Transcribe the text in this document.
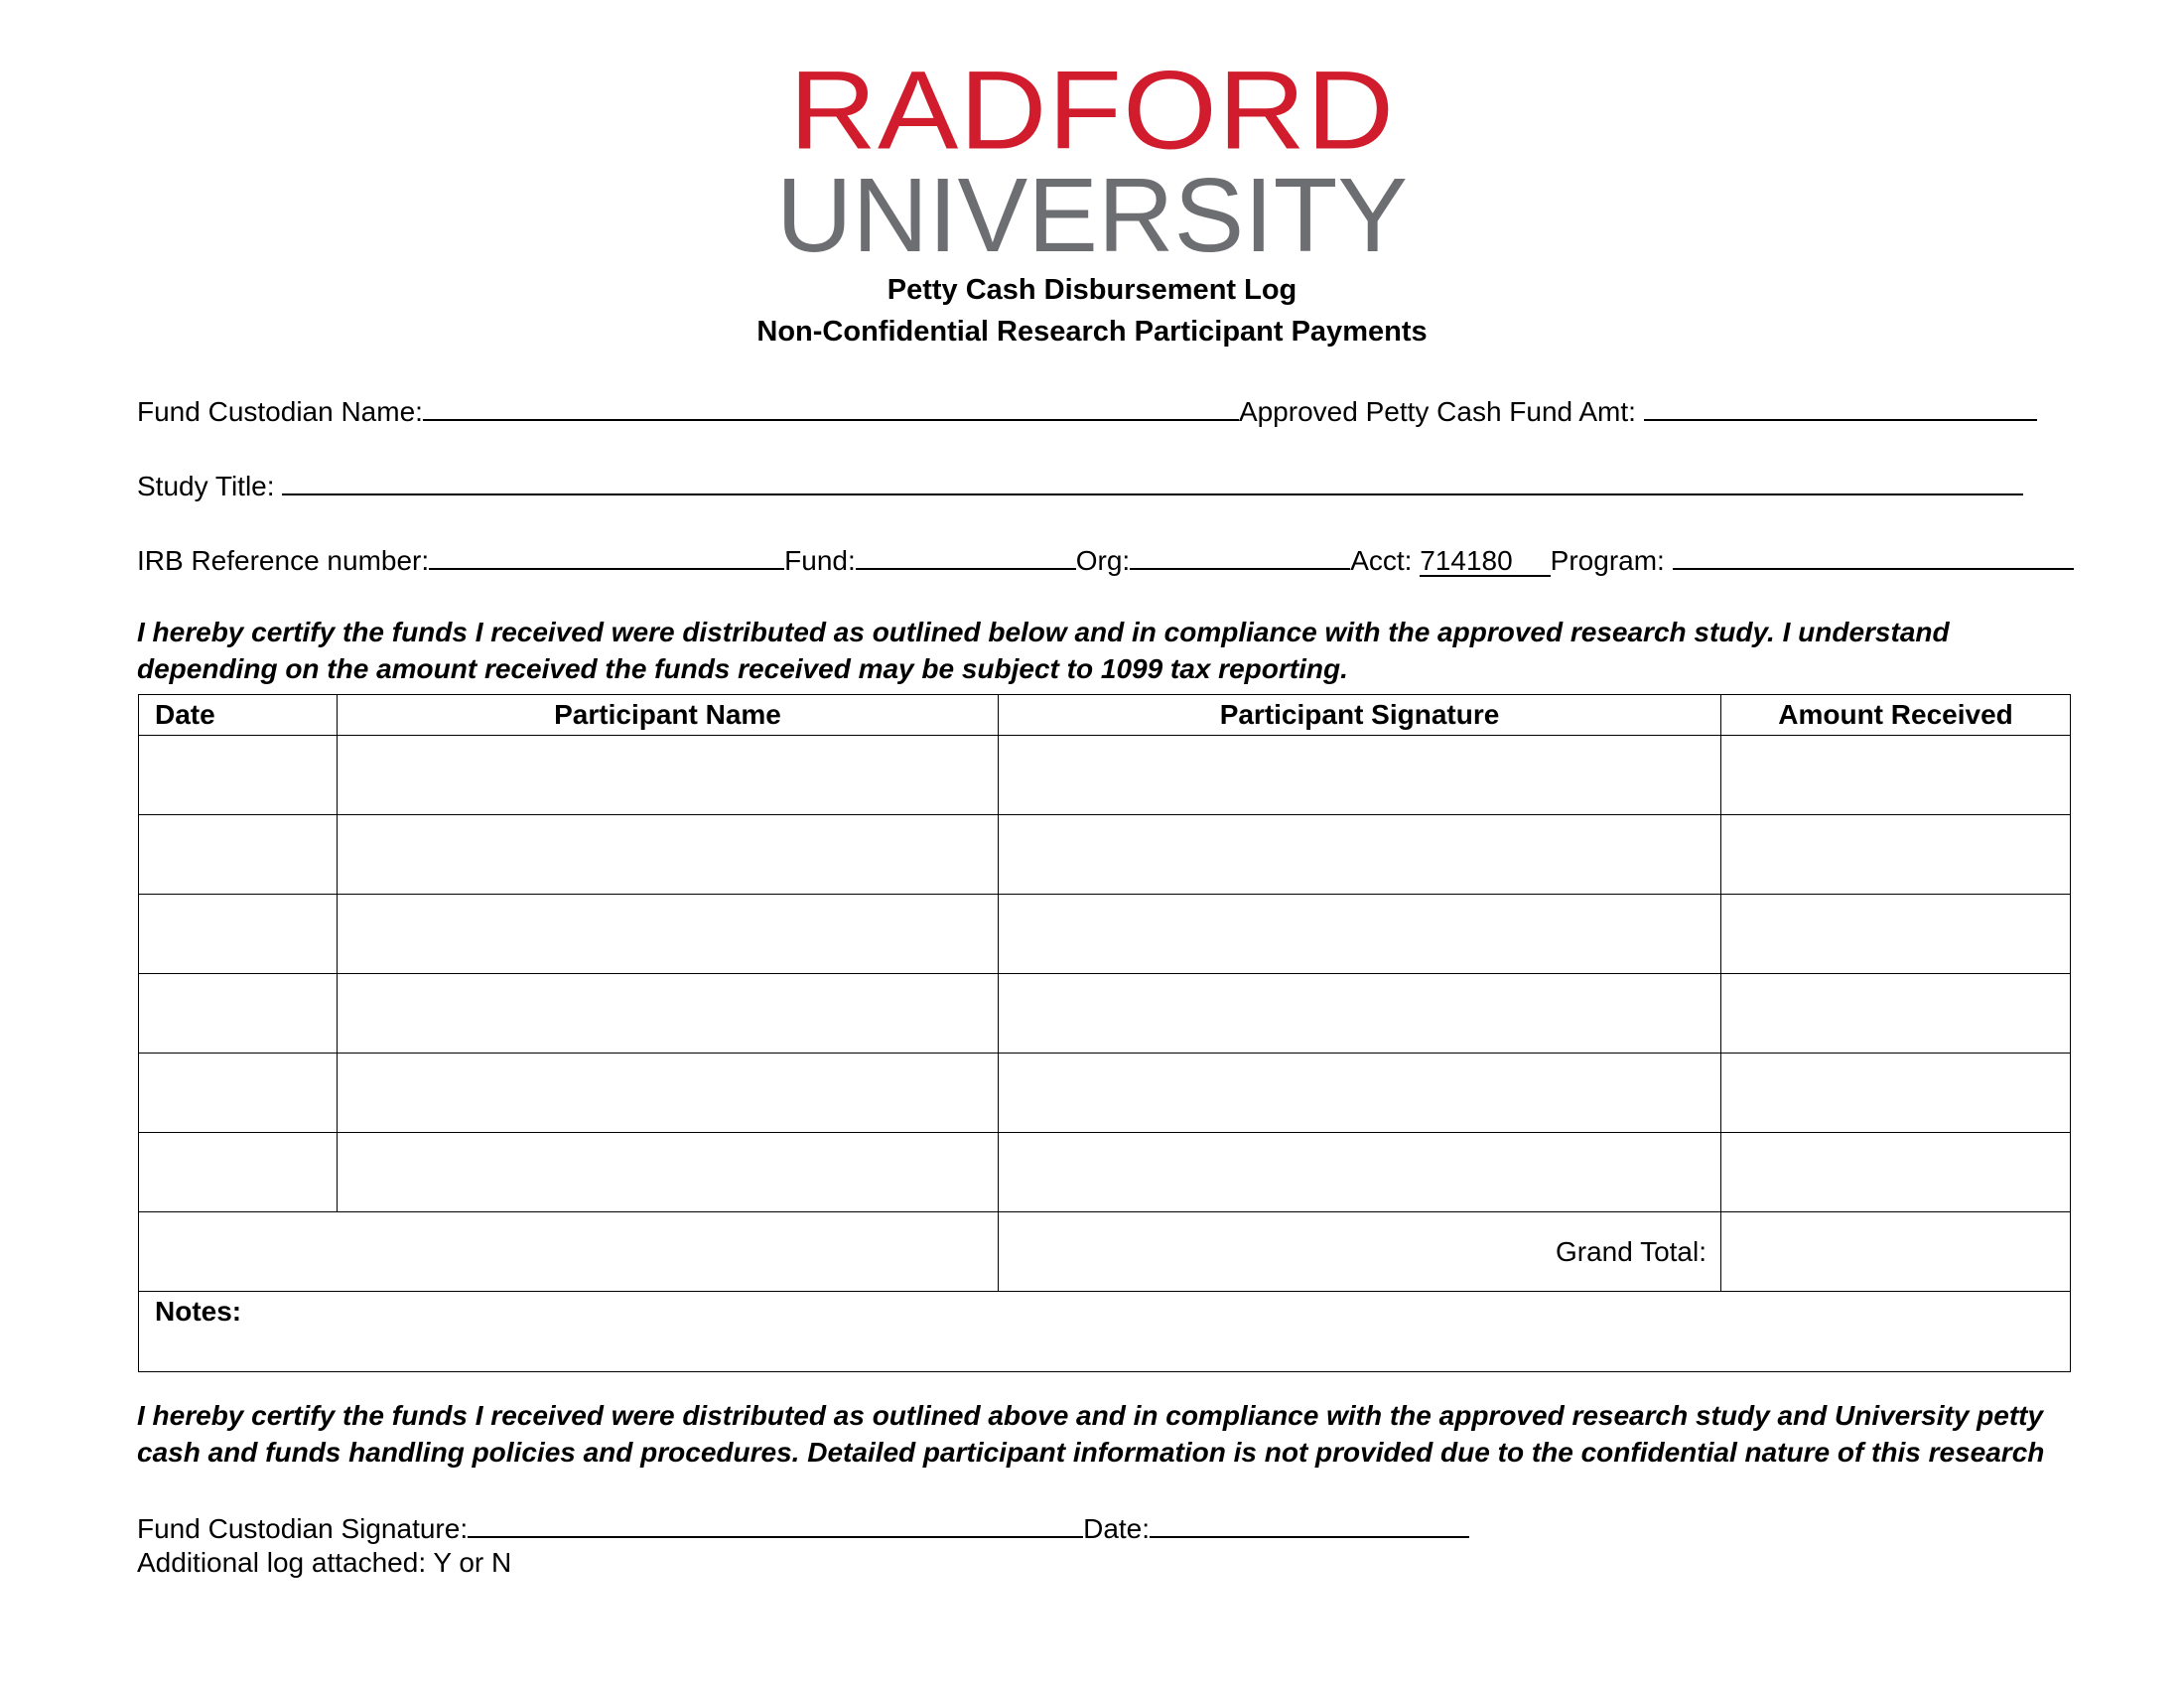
RADFORD
UNIVERSITY
Petty Cash Disbursement Log
Non-Confidential Research Participant Payments
Fund Custodian Name:	Approved Petty Cash Fund Amt:
Study Title:
IRB Reference number:	Fund:	Org:	Acct: 714180 Program:
I hereby certify the funds I received were distributed as outlined below and in compliance with the approved research study. I understand depending on the amount received the funds received may be subject to 1099 tax reporting.
Date	Participant Name	Participant Signature	Amount Received

		Grand Total:	
Notes:			
I hereby certify the funds I received were distributed as outlined above and in compliance with the approved research study and University petty cash and funds handling policies and procedures. Detailed participant information is not provided due to the confidential nature of this research
Fund Custodian Signature:	Date:
Additional log attached: Y or N
